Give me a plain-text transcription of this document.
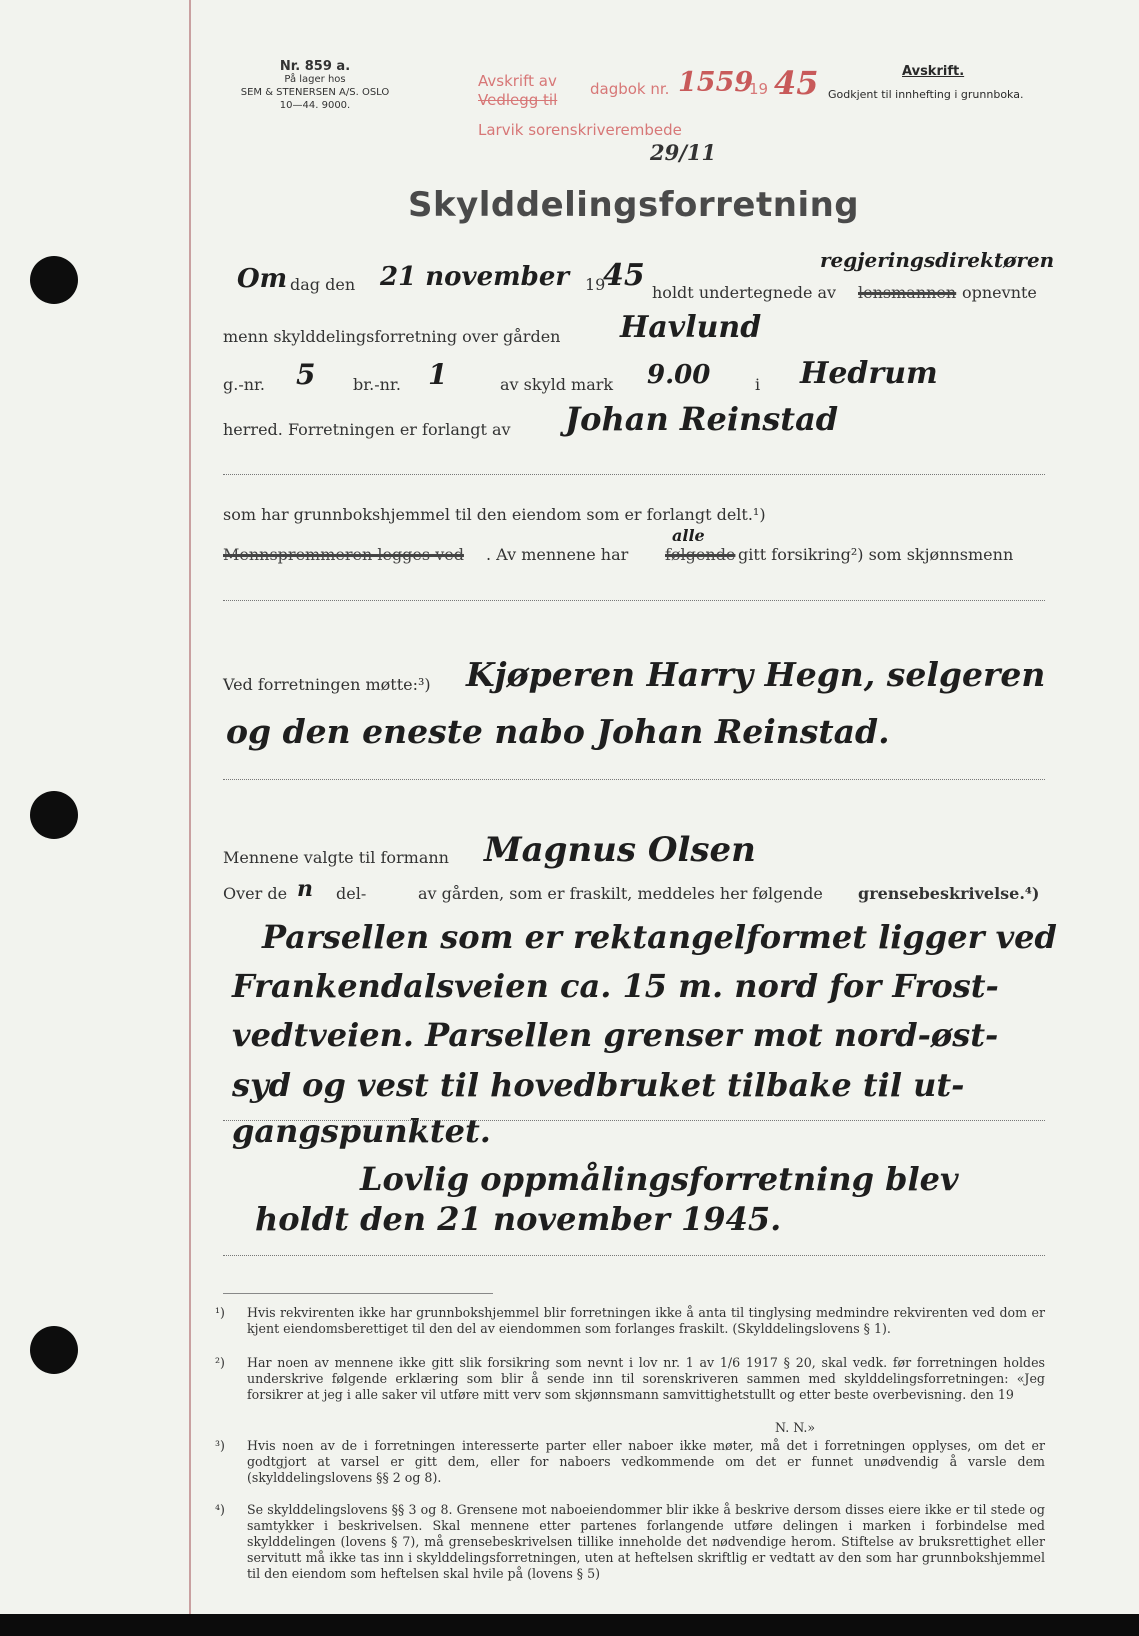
Nr. 859 a.
På lager hos
SEM & STENERSEN A/S. OSLO
10—44. 9000.
Avskrift av
Vedlegg til
dagbok nr. 1559
19 45
Larvik sorenskriverembede
29/11
Avskrift.
Godkjent til innhefting i grunnboka.
Skylddelingsforretning
Om dag den 21 november 19
45 holdt undertegnede av
regjeringsdirektøren
lensmannen opnevnte
menn skylddelingsforretning over gården Havlund
g.-nr. 5 br.-nr. 1	av skyld mark 9.00	i Hedrum
herred. Forretningen er forlangt av Johan Reinstad
som har grunnbokshjemmel til den eiendom som er forlangt delt.¹)
Mennspremmeren legges ved . Av mennene har
alle
følgende gitt forsikring²) som skjønnsmenn
Ved forretningen møtte:³) Kjøperen Harry Hegn, selgeren
og den eneste nabo Johan Reinstad.
Mennene valgte til formann Magnus Olsen
Over de n del-	av gården, som er fraskilt, meddeles her følgende grensebeskrivelse.⁴)
Parsellen som er rektangelformet ligger ved
Frankendalsveien ca. 15 m. nord for Frost-
vedtveien. Parsellen grenser mot nord-øst-
syd og vest til hovedbruket tilbake til ut-
gangspunktet.
Lovlig oppmålingsforretning blev
holdt den 21 november 1945.
¹)	Hvis rekvirenten ikke har grunnbokshjemmel blir forretningen ikke å anta til tinglysing medmindre rekvirenten ved dom er kjent eiendomsberettiget til den del av eiendommen som forlanges fraskilt. (Skylddelingslovens § 1).
²)	Har noen av mennene ikke gitt slik forsikring som nevnt i lov nr. 1 av 1/6 1917 § 20, skal vedk. før forretningen holdes underskrive følgende erklæring som blir å sende inn til sorenskriveren sammen med skylddelingsforretningen: «Jeg forsikrer at jeg i alle saker vil utføre mitt verv som skjønnsmann samvittighetstullt og etter beste overbevisning. den 19
N. N.»
³)	Hvis noen av de i forretningen interesserte parter eller naboer ikke møter, må det i forretningen opplyses, om det er godtgjort at varsel er gitt dem, eller for naboers vedkommende om det er funnet unødvendig å varsle dem (skylddelingslovens §§ 2 og 8).
⁴)	Se skylddelingslovens §§ 3 og 8. Grensene mot naboeiendommer blir ikke å beskrive dersom disses eiere ikke er til stede og samtykker i beskrivelsen. Skal mennene etter partenes forlangende utføre delingen i marken i forbindelse med skylddelingen (lovens § 7), må grensebeskrivelsen tillike inneholde det nødvendige herom. Stiftelse av bruksrettighet eller servitutt må ikke tas inn i skylddelingsforretningen, uten at heftelsen skriftlig er vedtatt av den som har grunnbokshjemmel til den eiendom som heftelsen skal hvile på (lovens § 5)
